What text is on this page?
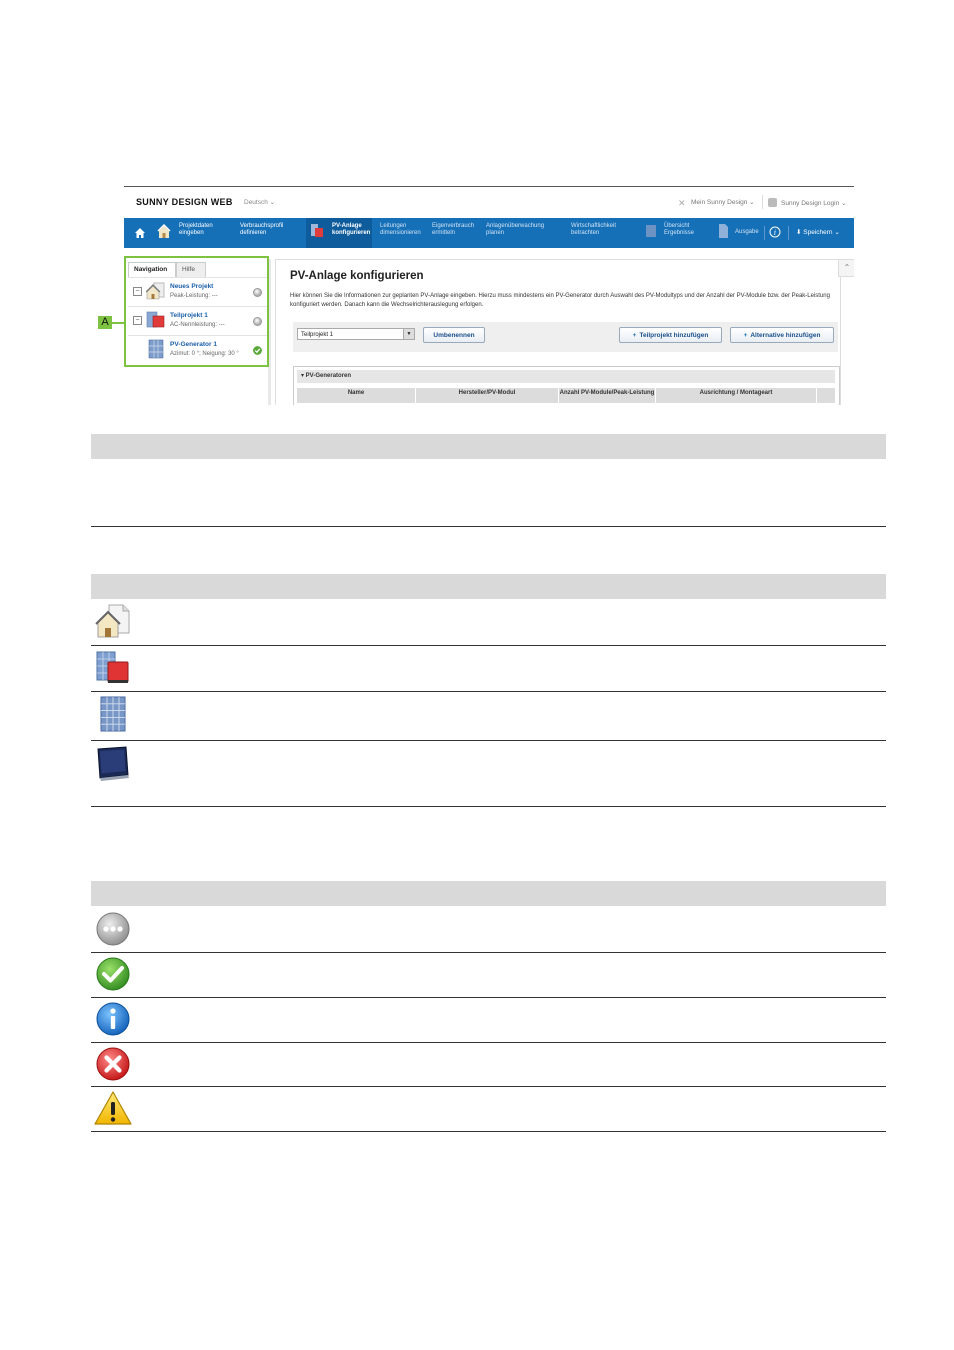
SUNNY DESIGN WEB Deutsch ⌄	✕ Mein Sunny Design ⌄	Sunny Design Login ⌄
Projektdaten
eingeben
Verbrauchsprofil
definieren
PV-Anlage
konfigurieren
Leitungen
dimensionieren
Eigenverbrauch
ermitteln
Anlagenüberwachung
planen
Wirtschaftlichkeit
betrachten
Übersicht
Ergebnisse	Ausgabe i	⬇ Speichern ⌄
Navigation	Hilfe
−
Neues Projekt
Peak-Leistung: ---
−
Teilprojekt 1
AC-Nennleistung: ---
PV-Generator 1
Azimut: 0 °; Neigung: 30 °
PV-Anlage konfigurieren
Hier können Sie die Informationen zur geplanten PV-Anlage eingeben. Hierzu muss mindestens ein PV-Generator durch Auswahl des PV-Modultyps und der Anzahl der PV-Module bzw. der Peak-Leistung konfiguriert werden. Danach kann die Wechselrichterauslegung erfolgen.
Teilprojekt 1	▼	Umbenennen	+ Teilprojekt hinzufügen	+ Alternative hinzufügen
▾ PV-Generatoren
Name	Hersteller/PV-Modul	Anzahl PV-Module/Peak-Leistung	Ausrichtung / Montageart
⌃
A
